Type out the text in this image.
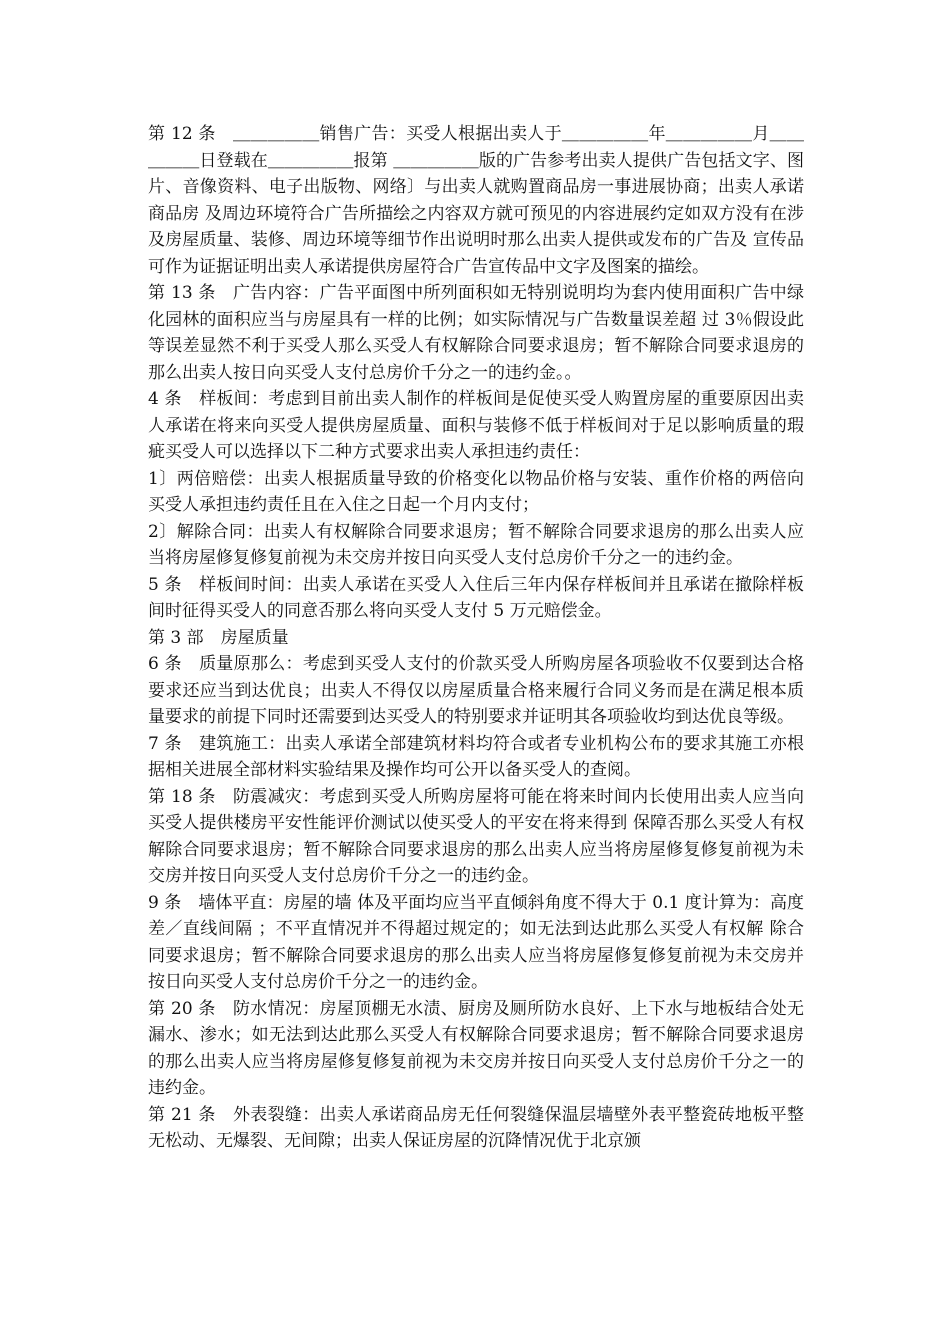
第 12 条　＿＿＿＿＿销售广告：买受人根据出卖人于＿＿＿＿＿年＿＿＿＿＿月＿＿＿＿＿日登载在＿＿＿＿＿报第 ＿＿＿＿＿版的广告参考出卖人提供广告包括文字、图片、音像资料、电子出版物、网络〕与出卖人就购置商品房一事进展协商；出卖人承诺商品房 及周边环境符合广告所描绘之内容双方就可预见的内容进展约定如双方没有在涉及房屋质量、装修、周边环境等细节作出说明时那么出卖人提供或发布的广告及 宣传品可作为证据证明出卖人承诺提供房屋符合广告宣传品中文字及图案的描绘。

第 13 条　广告内容：广告平面图中所列面积如无特别说明均为套内使用面积广告中绿化园林的面积应当与房屋具有一样的比例；如实际情况与广告数量误差超 过 3％假设此等误差显然不利于买受人那么买受人有权解除合同要求退房；暂不解除合同要求退房的那么出卖人按日向买受人支付总房价千分之一的违约金。。

4 条　样板间：考虑到目前出卖人制作的样板间是促使买受人购置房屋的重要原因出卖人承诺在将来向买受人提供房屋质量、面积与装修不低于样板间对于足以影响质量的瑕疵买受人可以选择以下二种方式要求出卖人承担违约责任：

1〕两倍赔偿：出卖人根据质量导致的价格变化以物品价格与安装、重作价格的两倍向买受人承担违约责任且在入住之日起一个月内支付；

2〕解除合同：出卖人有权解除合同要求退房；暂不解除合同要求退房的那么出卖人应当将房屋修复修复前视为未交房并按日向买受人支付总房价千分之一的违约金。

5 条　样板间时间：出卖人承诺在买受人入住后三年内保存样板间并且承诺在撤除样板间时征得买受人的同意否那么将向买受人支付 5 万元赔偿金。

第 3 部　房屋质量

6 条　质量原那么：考虑到买受人支付的价款买受人所购房屋各项验收不仅要到达合格要求还应当到达优良；出卖人不得仅以房屋质量合格来履行合同义务而是在满足根本质量要求的前提下同时还需要到达买受人的特别要求并证明其各项验收均到达优良等级。

7 条　建筑施工：出卖人承诺全部建筑材料均符合或者专业机构公布的要求其施工亦根据相关进展全部材料实验结果及操作均可公开以备买受人的查阅。

第 18 条　防震减灾：考虑到买受人所购房屋将可能在将来时间内长使用出卖人应当向买受人提供楼房平安性能评价测试以使买受人的平安在将来得到 保障否那么买受人有权解除合同要求退房；暂不解除合同要求退房的那么出卖人应当将房屋修复修复前视为未交房并按日向买受人支付总房价千分之一的违约金。

9 条　墙体平直：房屋的墙 体及平面均应当平直倾斜角度不得大于 0.1 度计算为：高度差／直线间隔 ；不平直情况并不得超过规定的；如无法到达此那么买受人有权解 除合同要求退房；暂不解除合同要求退房的那么出卖人应当将房屋修复修复前视为未交房并按日向买受人支付总房价千分之一的违约金。

第 20 条　防水情况：房屋顶棚无水渍、厨房及厕所防水良好、上下水与地板结合处无漏水、渗水；如无法到达此那么买受人有权解除合同要求退房；暂不解除合同要求退房的那么出卖人应当将房屋修复修复前视为未交房并按日向买受人支付总房价千分之一的违约金。

第 21 条　外表裂缝：出卖人承诺商品房无任何裂缝保温层墙壁外表平整瓷砖地板平整无松动、无爆裂、无间隙；出卖人保证房屋的沉降情况优于北京颁
